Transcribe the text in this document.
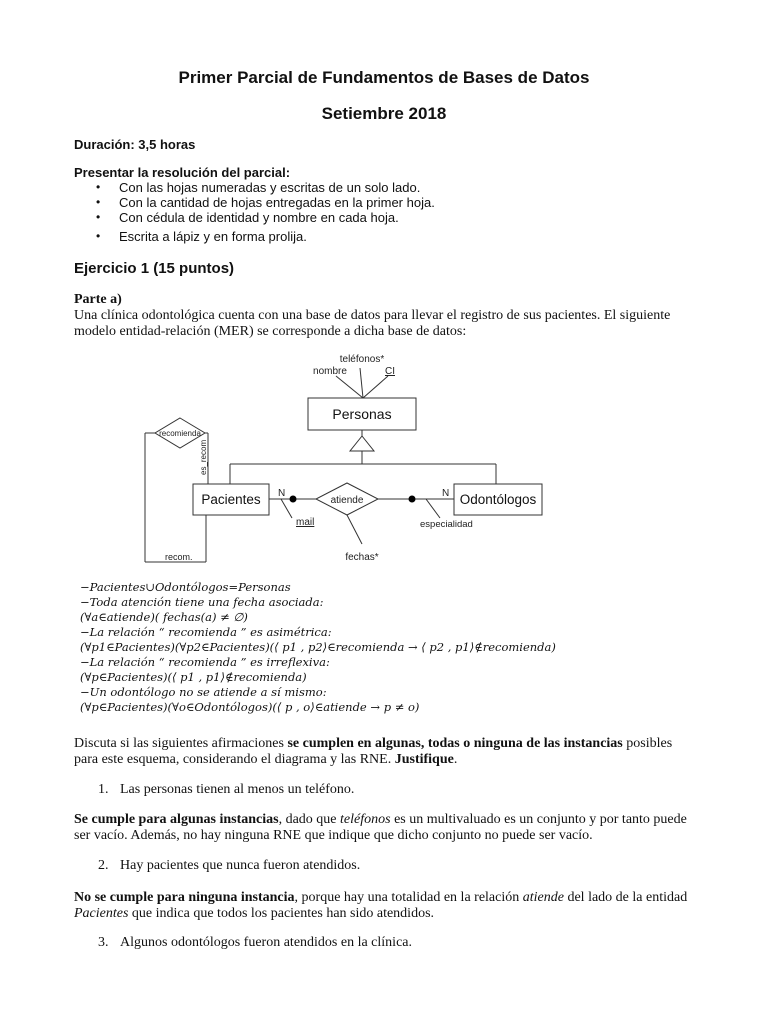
Primer Parcial de Fundamentos de Bases de Datos
Setiembre 2018
Duración: 3,5 horas
Presentar la resolución del parcial:
• Con las hojas numeradas y escritas de un solo lado.
• Con la cantidad de hojas entregadas en la primer hoja.
• Con cédula de identidad y nombre en cada hoja.
• Escrita a lápiz y en forma prolija.
Ejercicio 1 (15 puntos)
Parte a)
Una clínica odontológica cuenta con una base de datos para llevar el registro de sus pacientes. El siguiente
modelo entidad-relación (MER) se corresponde a dicha base de datos:
teléfonos*
nombre	CI
Personas
Pacientes	Odontólogos
atiende
recomienda
N	N
mail	especialidad
fechas*
recom.
es_recom
−Pacientes∪Odontólogos=Personas
−Toda atención tiene una fecha asociada:
(∀a∈atiende)( fechas(a) ≠ ∅)
−La relación “ recomienda ” es asimétrica:
(∀p1∈Pacientes)(∀p2∈Pacientes)(⟨ p1 , p2⟩∈recomienda → ⟨ p2 , p1⟩∉recomienda)
−La relación “ recomienda ” es irreflexiva:
(∀p∈Pacientes)(⟨ p1 , p1⟩∉recomienda)
−Un odontólogo no se atiende a sí mismo:
(∀p∈Pacientes)(∀o∈Odontólogos)(⟨ p , o⟩∈atiende → p ≠ o)
Discuta si las siguientes afirmaciones se cumplen en algunas, todas o ninguna de las instancias posibles
para este esquema, considerando el diagrama y las RNE. Justifique.
1. Las personas tienen al menos un teléfono.
Se cumple para algunas instancias, dado que teléfonos es un multivaluado es un conjunto y por tanto puede
ser vacío. Además, no hay ninguna RNE que indique que dicho conjunto no puede ser vacío.
2. Hay pacientes que nunca fueron atendidos.
No se cumple para ninguna instancia, porque hay una totalidad en la relación atiende del lado de la entidad
Pacientes que indica que todos los pacientes han sido atendidos.
3. Algunos odontólogos fueron atendidos en la clínica.
